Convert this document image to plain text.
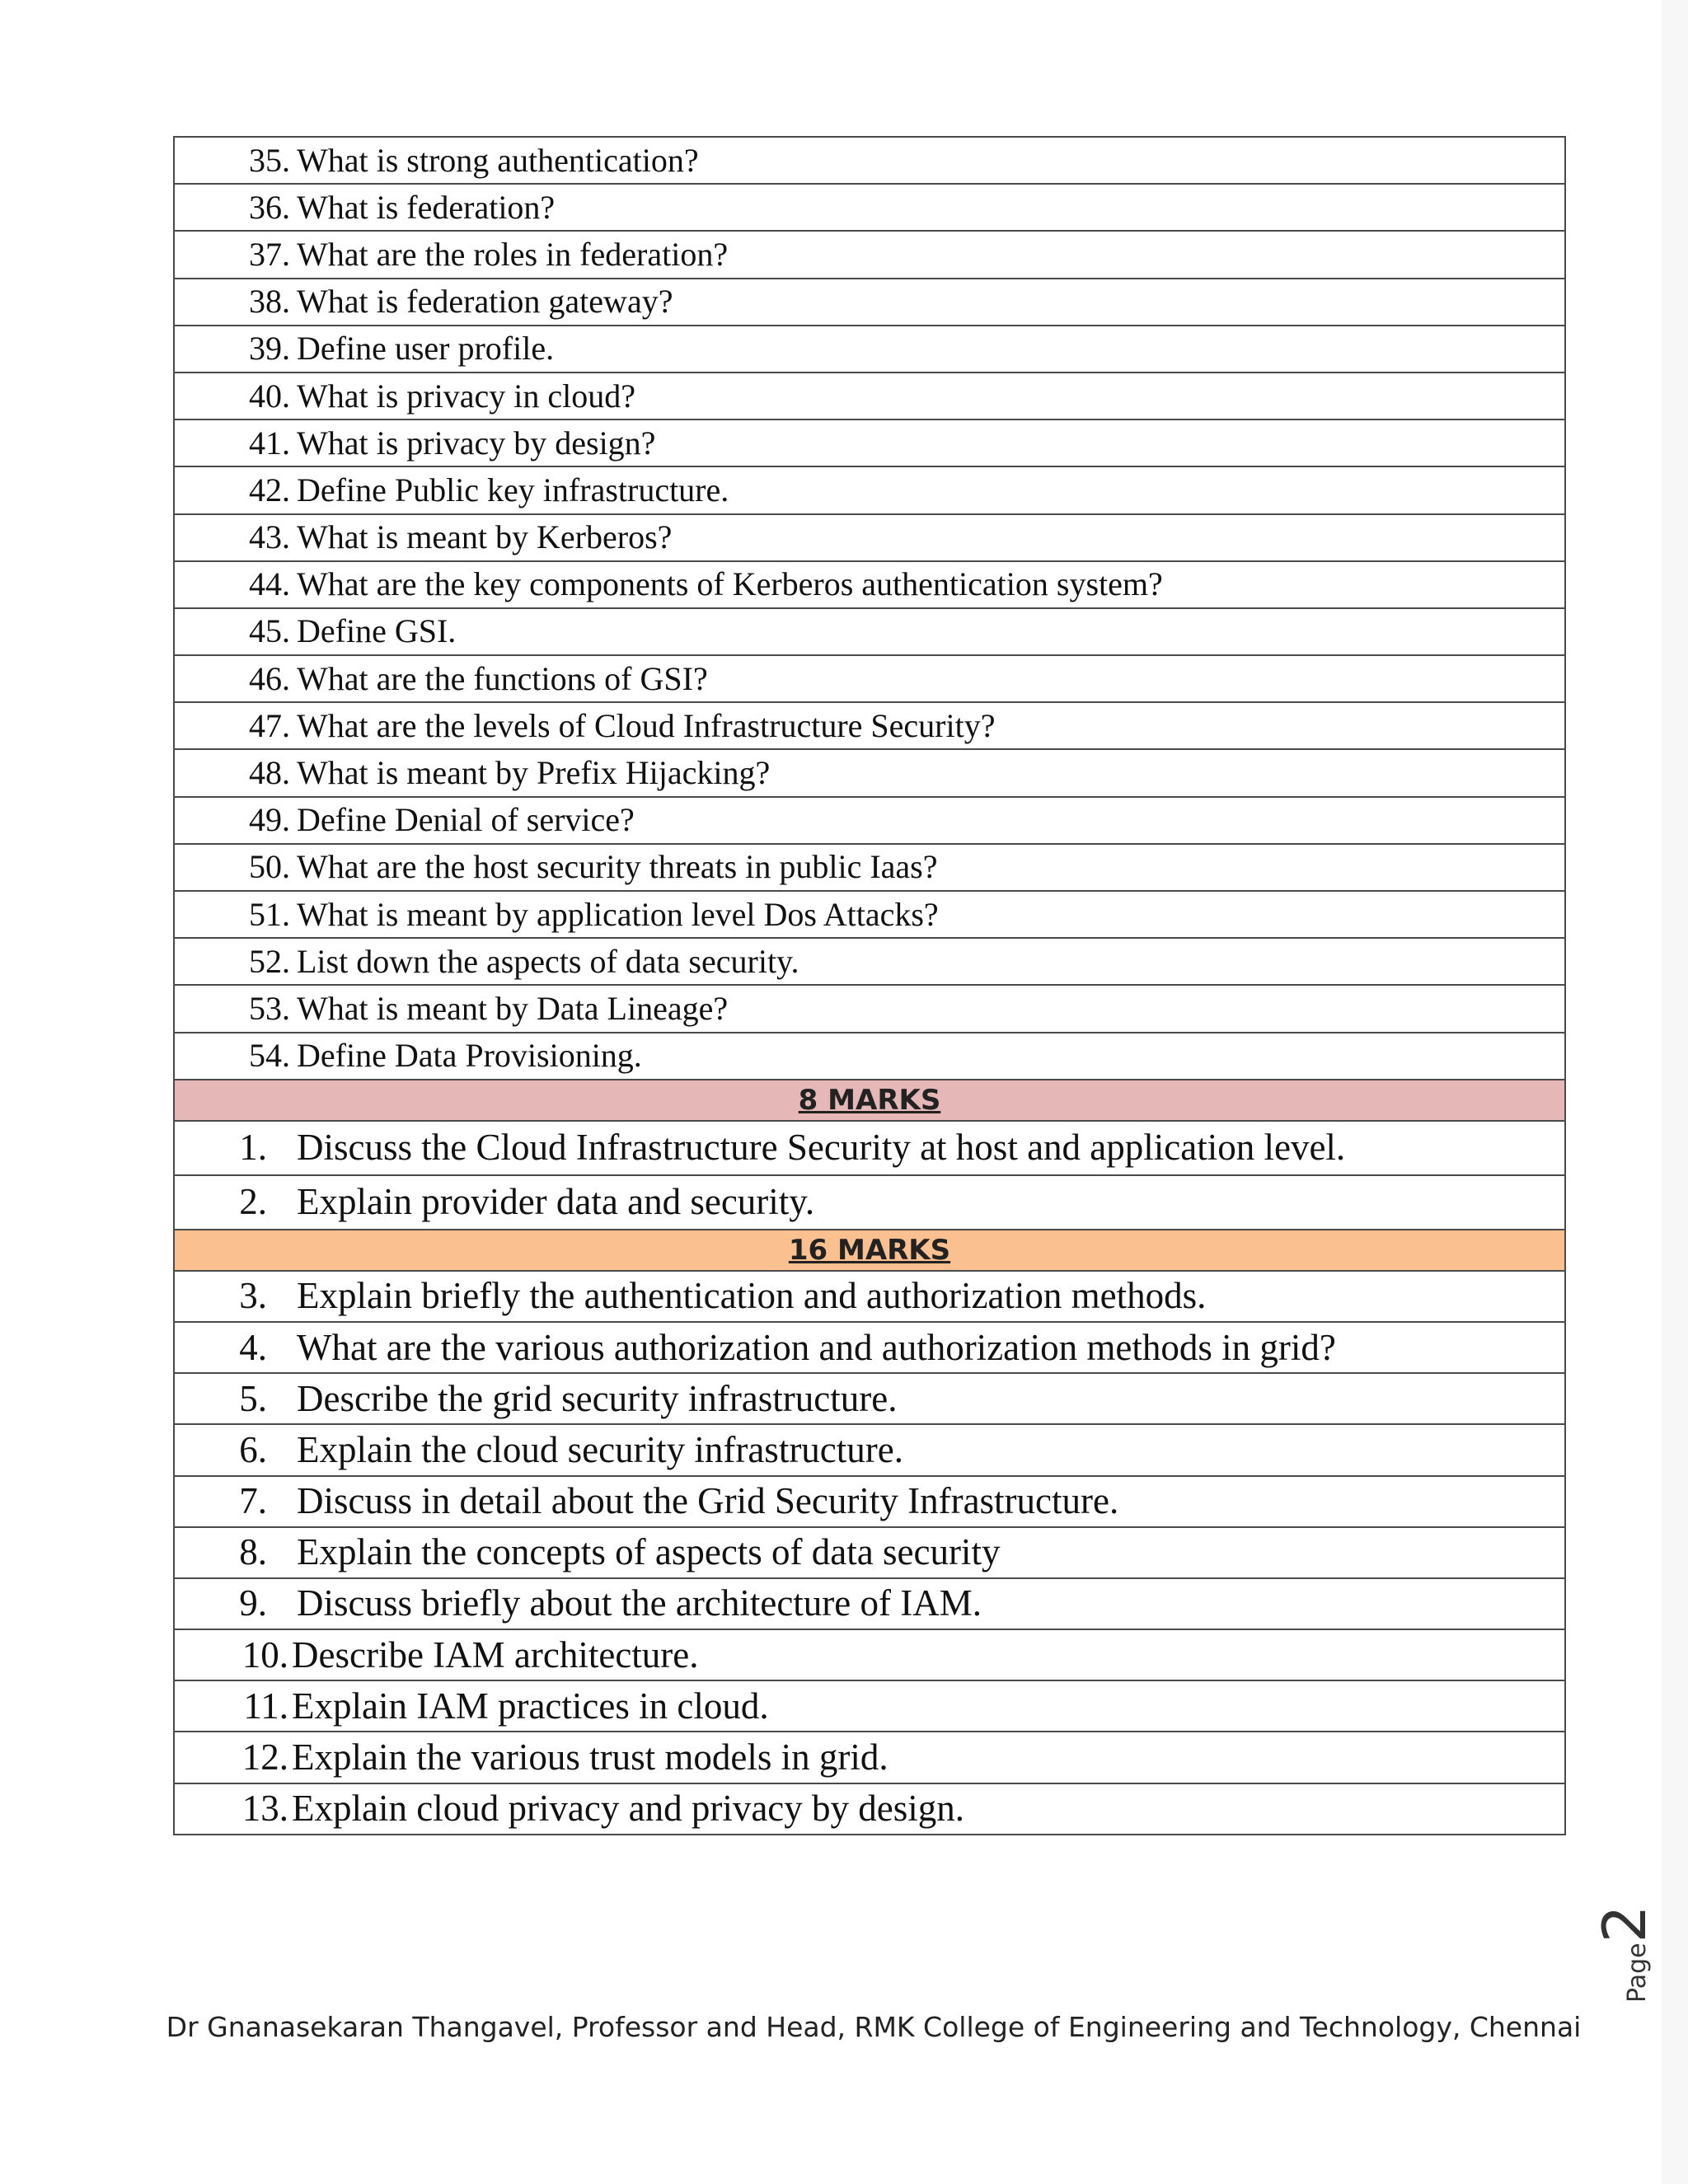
35. What is strong authentication?

36. What is federation?

37. What are the roles in federation?

38. What is federation gateway?

39. Define user profile.

40. What is privacy in cloud?

41. What is privacy by design?

42. Define Public key infrastructure.

43. What is meant by Kerberos?

44. What are the key components of Kerberos authentication system?

45. Define GSI.

46. What are the functions of GSI?

47. What are the levels of Cloud Infrastructure Security?

48. What is meant by Prefix Hijacking?

49. Define Denial of service?

50. What are the host security threats in public Iaas?

51. What is meant by application level Dos Attacks?

52. List down the aspects of data security.

53. What is meant by Data Lineage?

54. Define Data Provisioning.

8 MARKS

1. Discuss the Cloud Infrastructure Security at host and application level.

2. Explain provider data and security.

16 MARKS

3. Explain briefly the authentication and authorization methods.

4. What are the various authorization and authorization methods in grid?

5. Describe the grid security infrastructure.

6. Explain the cloud security infrastructure.

7. Discuss in detail about the Grid Security Infrastructure.

8. Explain the concepts of aspects of data security

9. Discuss briefly about the architecture of IAM.

10. Describe IAM architecture.

11. Explain IAM practices in cloud.

12. Explain the various trust models in grid.

13. Explain cloud privacy and privacy by design.
Page2
Dr Gnanasekaran Thangavel, Professor and Head, RMK College of Engineering and Technology, Chennai
